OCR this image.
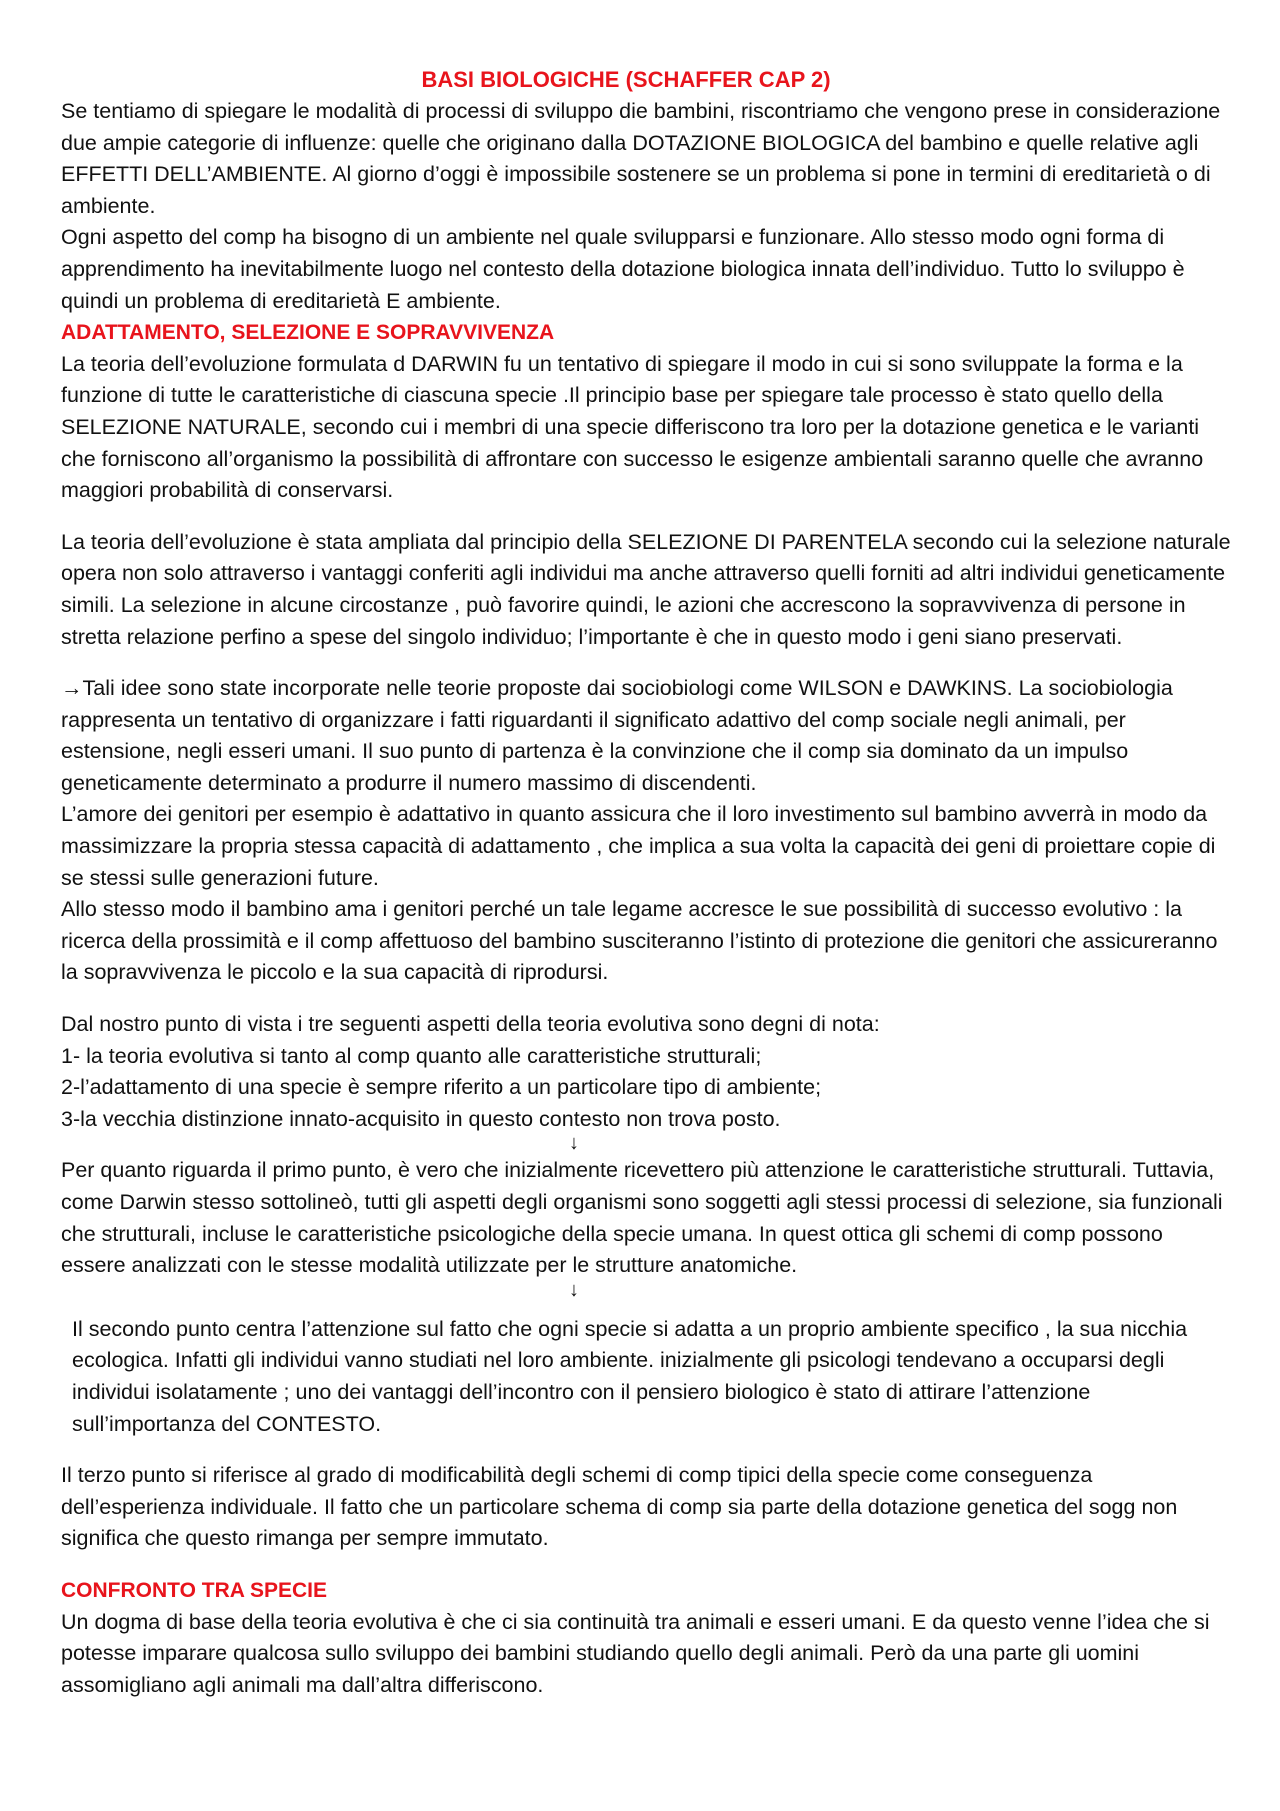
BASI BIOLOGICHE (SCHAFFER CAP 2)

Se tentiamo di spiegare le modalità di processi di sviluppo die bambini, riscontriamo che vengono prese in considerazione due ampie categorie di influenze: quelle che originano dalla DOTAZIONE BIOLOGICA del bambino e quelle relative agli EFFETTI DELL’AMBIENTE. Al giorno d’oggi è impossibile sostenere se un problema si pone in termini di ereditarietà o di ambiente.

Ogni aspetto del comp ha bisogno di un ambiente nel quale svilupparsi e funzionare. Allo stesso modo ogni forma di apprendimento ha inevitabilmente luogo nel contesto della dotazione biologica innata dell’individuo. Tutto lo sviluppo è quindi un problema di ereditarietà E ambiente.

ADATTAMENTO, SELEZIONE E SOPRAVVIVENZA

La teoria dell’evoluzione formulata d DARWIN fu un tentativo di spiegare il modo in cui si sono sviluppate la forma e la funzione di tutte le caratteristiche di ciascuna specie .Il principio base per spiegare tale processo è stato quello della SELEZIONE NATURALE, secondo cui i membri di una specie differiscono tra loro per la dotazione genetica e le varianti che forniscono all’organismo la possibilità di affrontare con successo le esigenze ambientali saranno quelle che avranno maggiori probabilità di conservarsi.

La teoria dell’evoluzione è stata ampliata dal principio della SELEZIONE DI PARENTELA secondo cui la selezione naturale opera non solo attraverso i vantaggi conferiti agli individui ma anche attraverso quelli forniti ad altri individui geneticamente simili. La selezione in alcune circostanze , può favorire quindi, le azioni che accrescono la sopravvivenza di persone in stretta relazione perfino a spese del singolo individuo; l’importante è che in questo modo i geni siano preservati.

→Tali idee sono state incorporate nelle teorie proposte dai sociobiologi come WILSON e DAWKINS. La sociobiologia rappresenta un tentativo di organizzare i fatti riguardanti il significato adattivo del comp sociale negli animali, per estensione, negli esseri umani. Il suo punto di partenza è la convinzione che il comp sia dominato da un impulso geneticamente determinato a produrre il numero massimo di discendenti.

L’amore dei genitori per esempio è adattativo in quanto assicura che il loro investimento sul bambino avverrà in modo da massimizzare la propria stessa capacità di adattamento , che implica a sua volta la capacità dei geni di proiettare copie di se stessi sulle generazioni future.

Allo stesso modo il bambino ama i genitori perché un tale legame accresce le sue possibilità di successo evolutivo : la ricerca della prossimità e il comp affettuoso del bambino susciteranno l’istinto di protezione die genitori che assicureranno la sopravvivenza le piccolo e la sua capacità di riprodursi.

Dal nostro punto di vista i tre seguenti aspetti della teoria evolutiva sono degni di nota:

1- la teoria evolutiva si tanto al comp quanto alle caratteristiche strutturali;

2-l’adattamento di una specie è sempre riferito a un particolare tipo di ambiente;

3-la vecchia distinzione innato-acquisito in questo contesto non trova posto.

↓

Per quanto riguarda il primo punto, è vero che inizialmente ricevettero più attenzione le caratteristiche strutturali. Tuttavia, come Darwin stesso sottolineò, tutti gli aspetti degli organismi sono soggetti agli stessi processi di selezione, sia funzionali che strutturali, incluse le caratteristiche psicologiche della specie umana. In quest ottica gli schemi di comp possono essere analizzati con le stesse modalità utilizzate per le strutture anatomiche.

↓

Il secondo punto centra l’attenzione sul fatto che ogni specie si adatta a un proprio ambiente specifico , la sua nicchia ecologica. Infatti gli individui vanno studiati nel loro ambiente. inizialmente gli psicologi tendevano a occuparsi degli individui isolatamente ; uno dei vantaggi dell’incontro con il pensiero biologico è stato di attirare l’attenzione sull’importanza del CONTESTO.

Il terzo punto si riferisce al grado di modificabilità degli schemi di comp tipici della specie come conseguenza dell’esperienza individuale. Il fatto che un particolare schema di comp sia parte della dotazione genetica del sogg non significa che questo rimanga per sempre immutato.

CONFRONTO TRA SPECIE

Un dogma di base della teoria evolutiva è che ci sia continuità tra animali e esseri umani. E da questo venne l’idea che si potesse imparare qualcosa sullo sviluppo dei bambini studiando quello degli animali. Però da una parte gli uomini assomigliano agli animali ma dall’altra differiscono.
